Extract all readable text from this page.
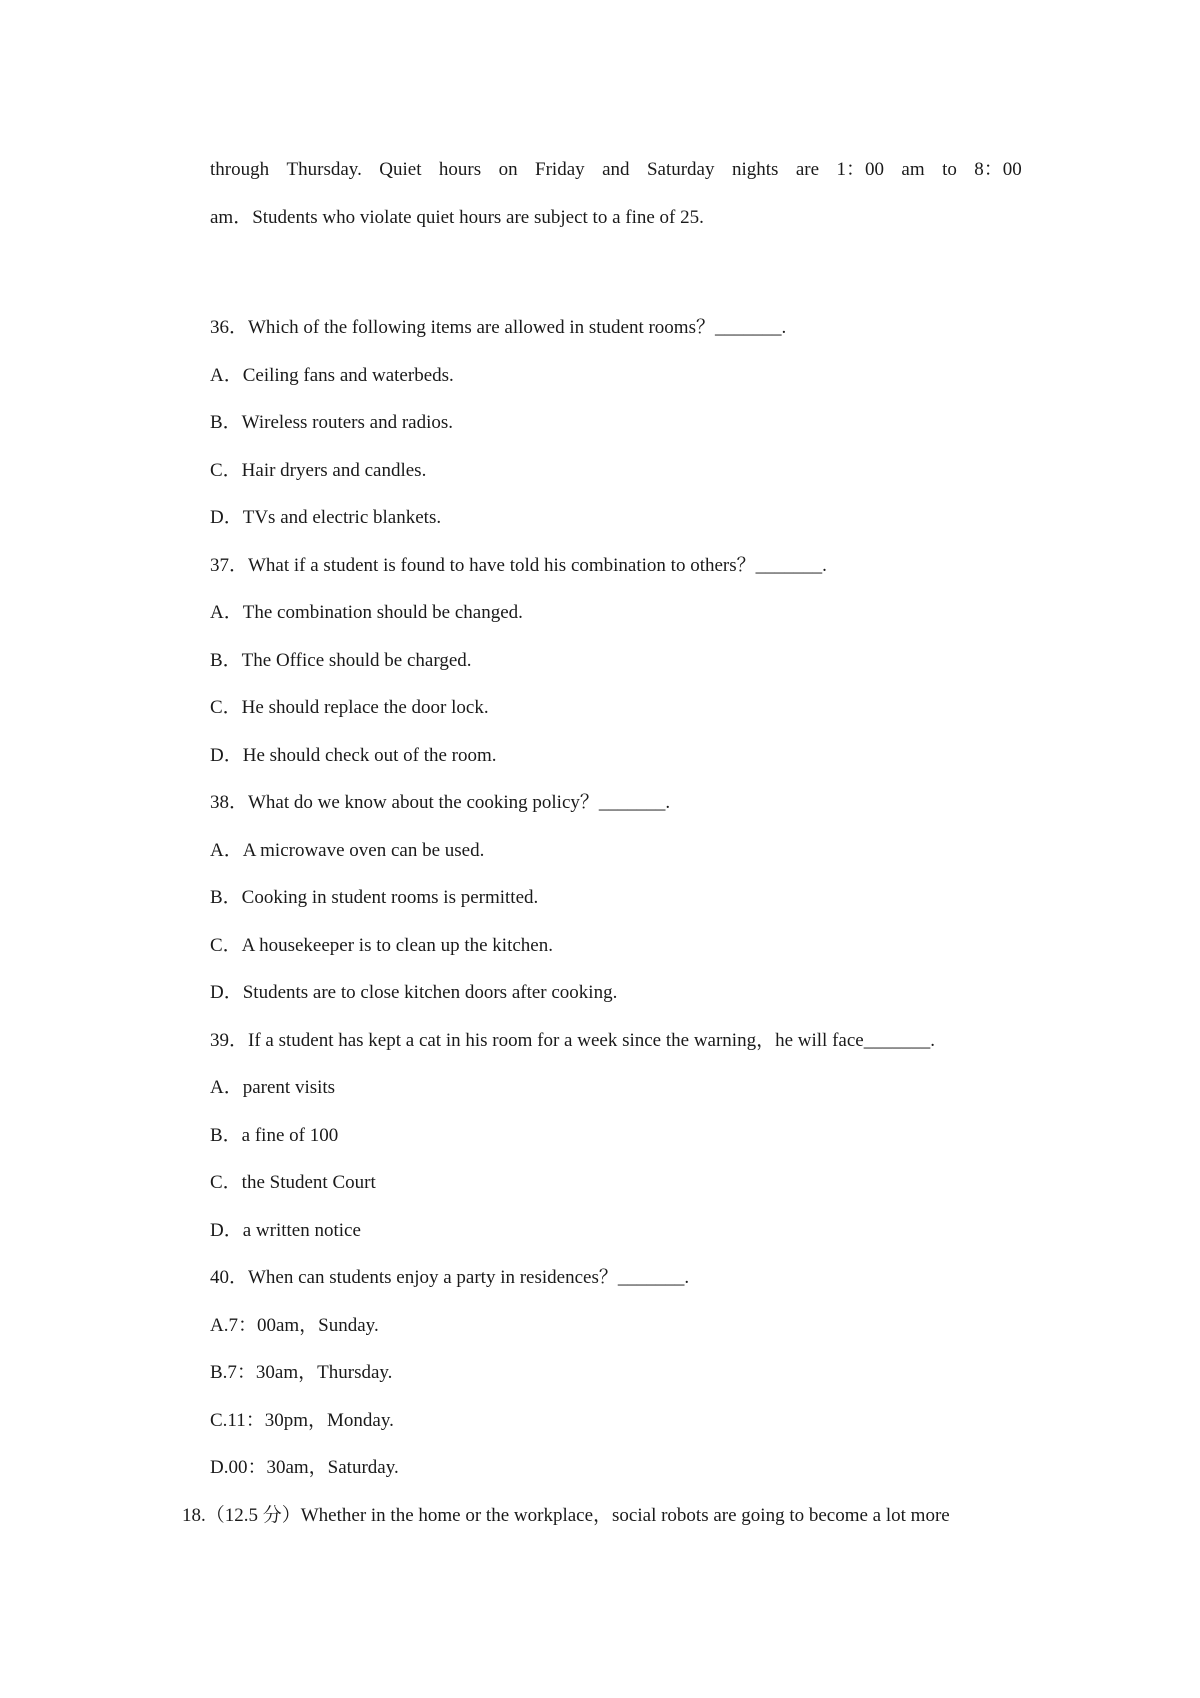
through Thursday. Quiet hours on Friday and Saturday nights are 1：00 am to 8：00
am．Students who violate quiet hours are subject to a fine of 25.
36．Which of the following items are allowed in student rooms？_______.
A．Ceiling fans and waterbeds.
B．Wireless routers and radios.
C．Hair dryers and candles.
D．TVs and electric blankets.
37．What if a student is found to have told his combination to others？_______.
A．The combination should be changed.
B．The Office should be charged.
C．He should replace the door lock.
D．He should check out of the room.
38．What do we know about the cooking policy？_______.
A．A microwave oven can be used.
B．Cooking in student rooms is permitted.
C．A housekeeper is to clean up the kitchen.
D．Students are to close kitchen doors after cooking.
39．If a student has kept a cat in his room for a week since the warning，he will face_______.
A．parent visits
B．a fine of 100
C．the Student Court
D．a written notice
40．When can students enjoy a party in residences？_______.
A.7：00am，Sunday.
B.7：30am，Thursday.
C.11：30pm，Monday.
D.00：30am，Saturday.
18.（12.5 分）Whether in the home or the workplace，social robots are going to become a lot more
